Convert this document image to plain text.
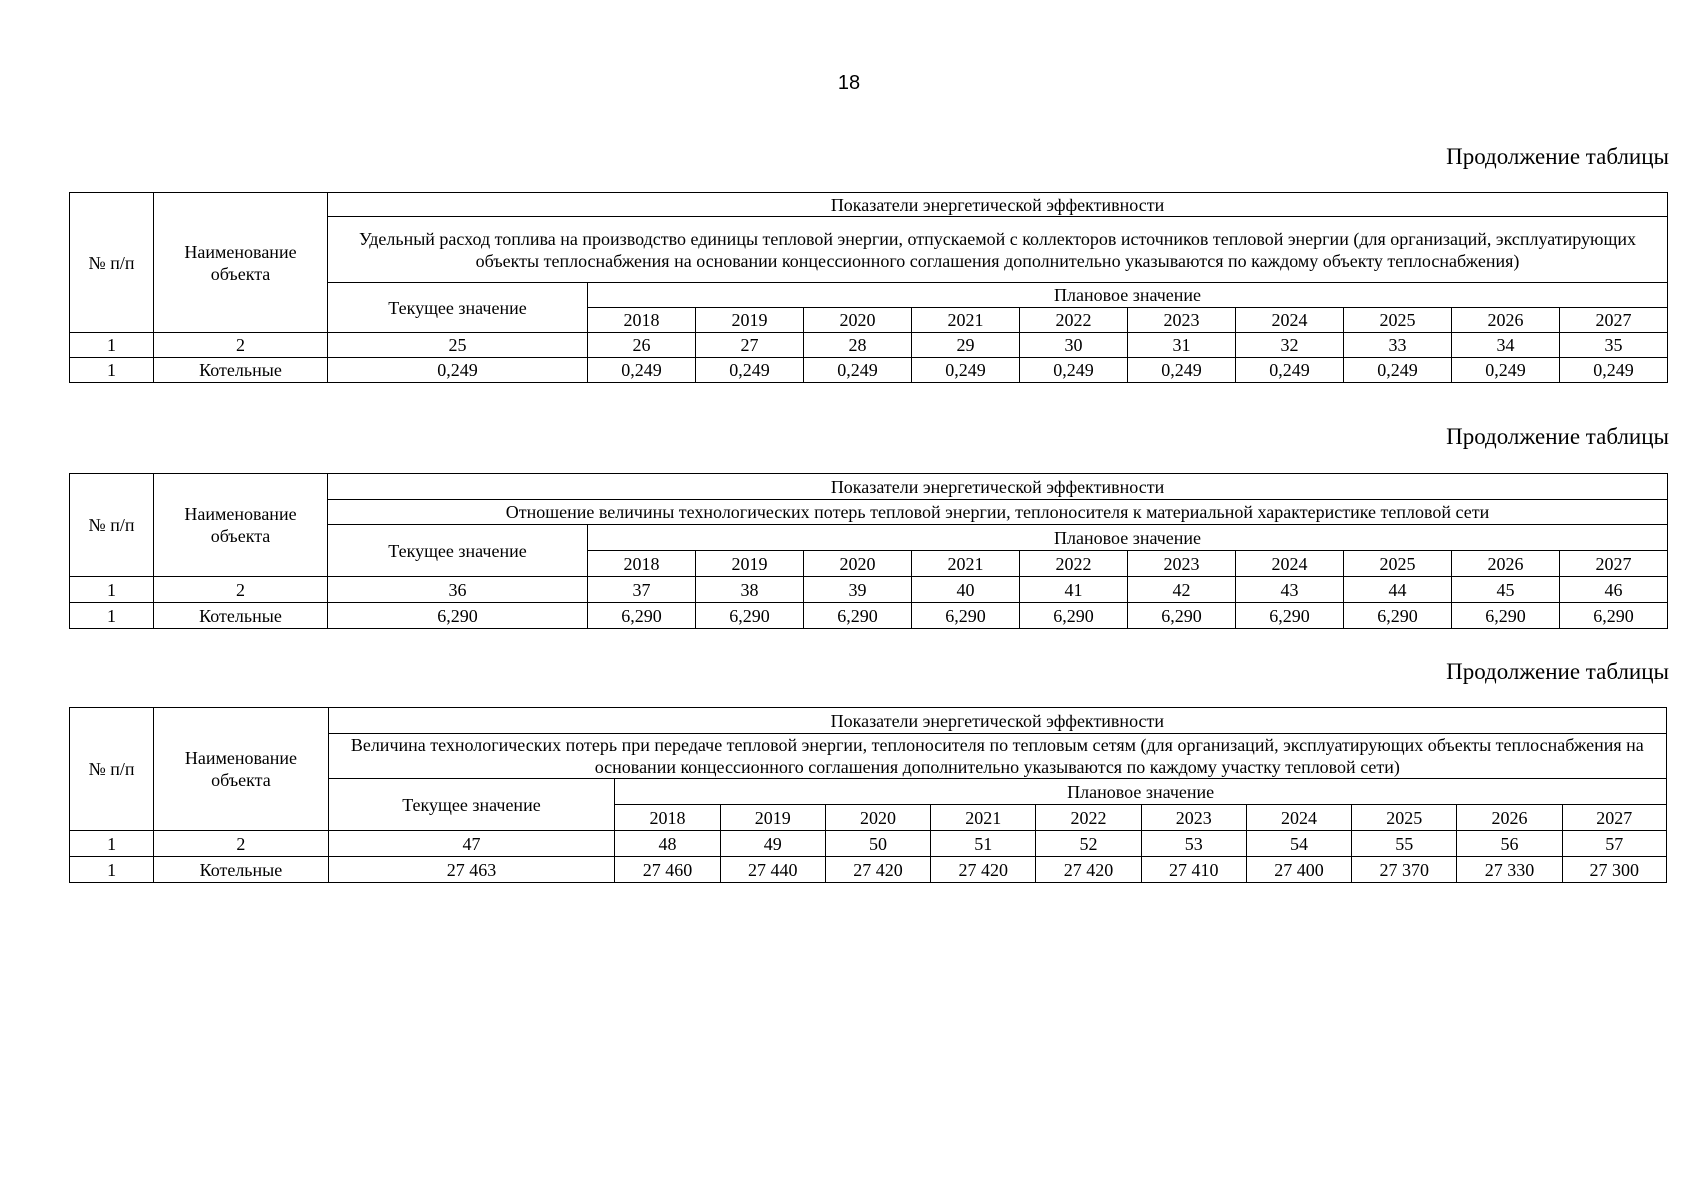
18
Продолжение таблицы
№ п/п	Наименование объекта	Показатели энергетической эффективности										
		Удельный расход топлива на производство единицы тепловой энергии, отпускаемой с коллекторов источников тепловой энергии (для организаций, эксплуатирующих объекты теплоснабжения на основании концессионного соглашения дополнительно указываются по каждому объекту теплоснабжения)										
		Текущее значение	Плановое значение									
			2018	2019	2020	2021	2022	2023	2024	2025	2026	2027
1	2	25	26	27	28	29	30	31	32	33	34	35
1	Котельные	0,249	0,249	0,249	0,249	0,249	0,249	0,249	0,249	0,249	0,249	0,249
Продолжение таблицы
№ п/п	Наименование объекта	Показатели энергетической эффективности										
		Отношение величины технологических потерь тепловой энергии, теплоносителя к материальной характеристике тепловой сети										
		Текущее значение	Плановое значение									
			2018	2019	2020	2021	2022	2023	2024	2025	2026	2027
1	2	36	37	38	39	40	41	42	43	44	45	46
1	Котельные	6,290	6,290	6,290	6,290	6,290	6,290	6,290	6,290	6,290	6,290	6,290
Продолжение таблицы
№ п/п	Наименование объекта	Показатели энергетической эффективности										
		Величина технологических потерь при передаче тепловой энергии, теплоносителя по тепловым сетям (для организаций, эксплуатирующих объекты теплоснабжения на основании концессионного соглашения дополнительно указываются по каждому участку тепловой сети)										
		Текущее значение	Плановое значение									
			2018	2019	2020	2021	2022	2023	2024	2025	2026	2027
1	2	47	48	49	50	51	52	53	54	55	56	57
1	Котельные	27 463	27 460	27 440	27 420	27 420	27 420	27 410	27 400	27 370	27 330	27 300
